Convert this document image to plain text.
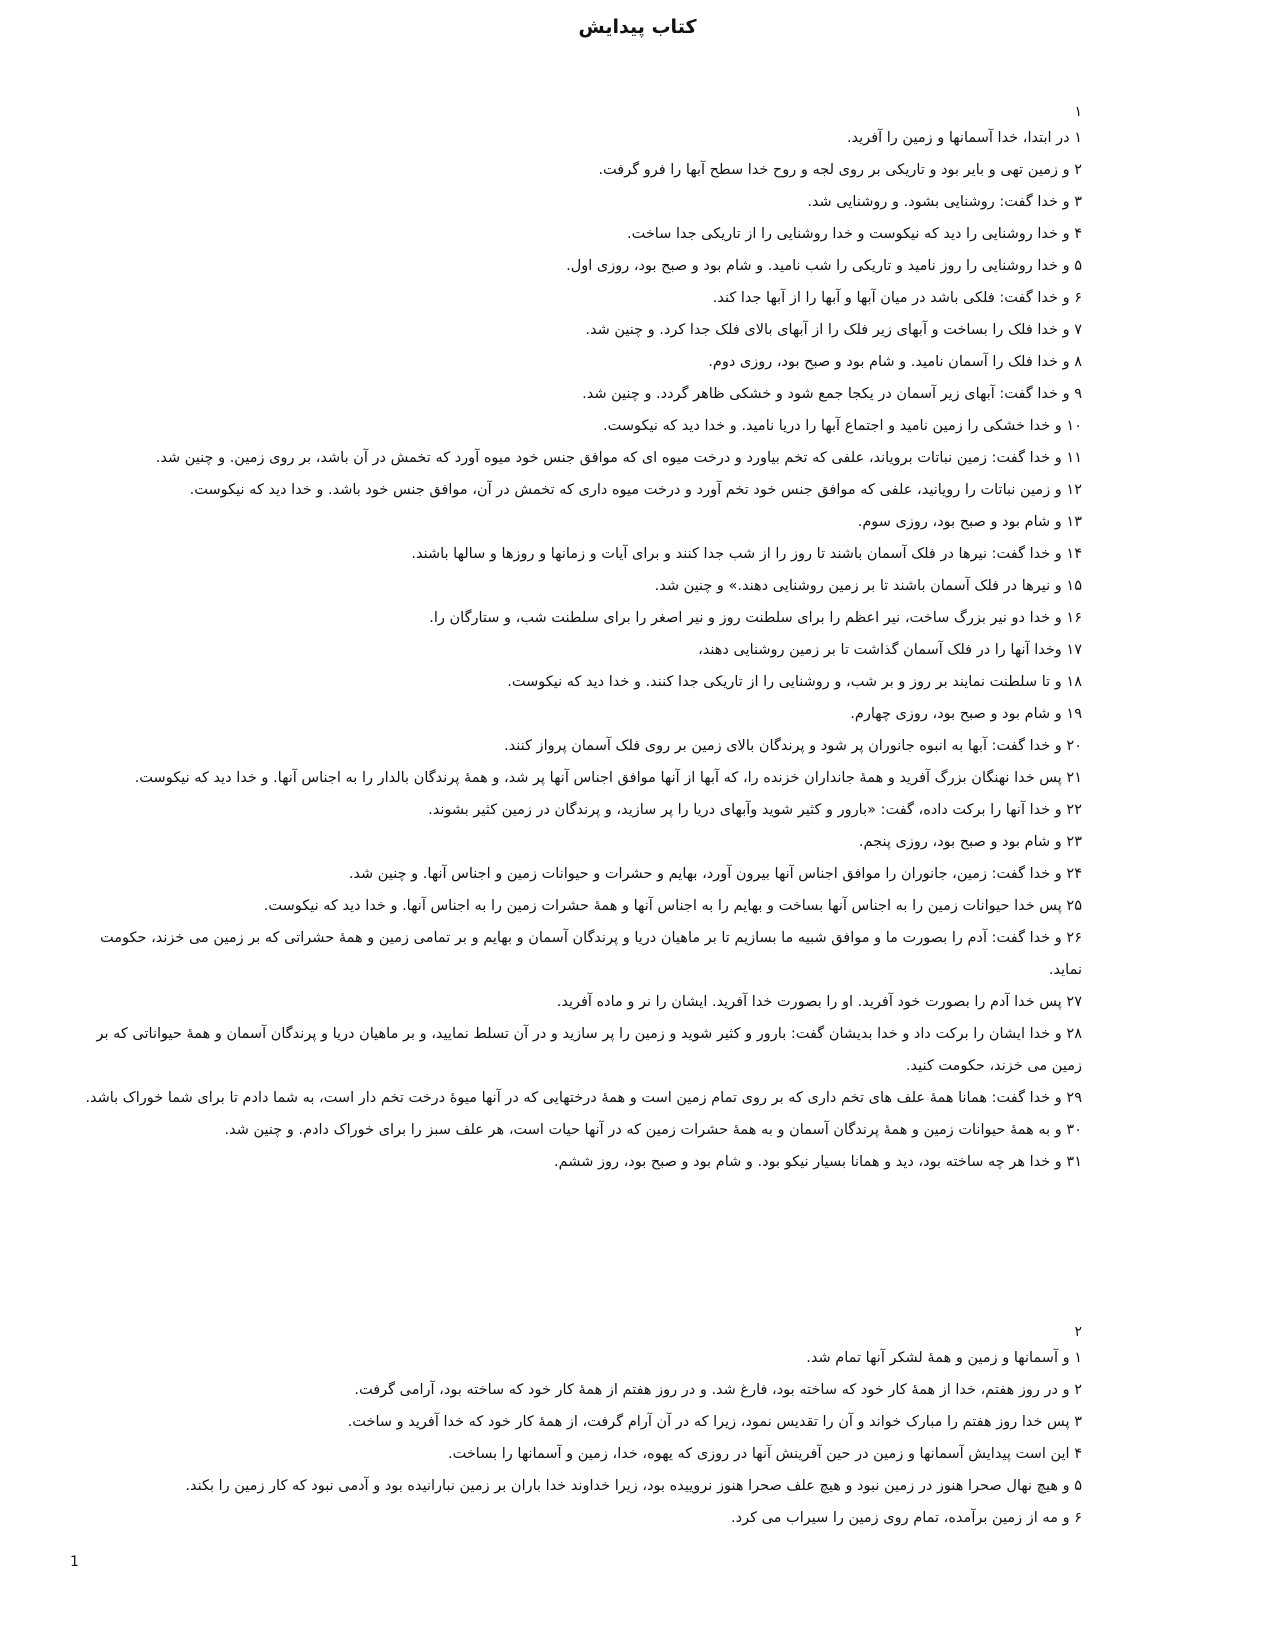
کتاب پیدایش

۱

۱ در ابتدا، خدا آسمانها و زمین را آفرید.

۲ و زمین تهی و بایر بود و تاریکی بر روی لجه و روح خدا سطح آبها را فرو گرفت.

۳ و خدا گفت: روشنایی بشود. و روشنایی شد.

۴ و خدا روشنایی را دید که نیکوست و خدا روشنایی را از تاریکی جدا ساخت.

۵ و خدا روشنایی را روز نامید و تاریکی را شب نامید. و شام بود و صبح بود، روزی اول.

۶ و خدا گفت: فلکی باشد در میان آبها و آبها را از آبها جدا کند.

۷ و خدا فلک را بساخت و آبهای زیر فلک را از آبهای بالای فلک جدا کرد. و چنین شد.

۸ و خدا فلک را آسمان نامید. و شام بود و صبح بود، روزی دوم.

۹ و خدا گفت: آبهای زیر آسمان در یکجا جمع شود و خشکی ظاهر گردد. و چنین شد.

۱۰ و خدا خشکی را زمین نامید و اجتماع آبها را دریا نامید. و خدا دید که نیکوست.

۱۱ و خدا گفت: زمین نباتات برویاند، علفی که تخم بیاورد و درخت میوه ای که موافق جنس خود میوه آورد که تخمش در آن باشد، بر روی زمین. و چنین شد.

۱۲ و زمین نباتات را رویانید، علفی که موافق جنس خود تخم آورد و درخت میوه داری که تخمش در آن، موافق جنس خود باشد. و خدا دید که نیکوست.

۱۳ و شام بود و صبح بود، روزی سوم.

۱۴ و خدا گفت: نیرها در فلک آسمان باشند تا روز را از شب جدا کنند و برای آیات و زمانها و روزها و سالها باشند.

۱۵ و نیرها در فلک آسمان باشند تا بر زمین روشنایی دهند.» و چنین شد.

۱۶ و خدا دو نیر بزرگ ساخت، نیر اعظم را برای سلطنت روز و نیر اصغر را برای سلطنت شب، و ستارگان را.

۱۷ وخدا آنها را در فلک آسمان گذاشت تا بر زمین روشنایی دهند،

۱۸ و تا سلطنت نمایند بر روز و بر شب، و روشنایی را از تاریکی جدا کنند. و خدا دید که نیکوست.

۱۹ و شام بود و صبح بود، روزی چهارم.

۲۰ و خدا گفت: آبها به انبوه جانوران پر شود و پرندگان بالای زمین بر روی فلک آسمان پرواز کنند.

۲۱ پس خدا نهنگان بزرگ آفرید و همهٔ جانداران خزنده را، که آبها از آنها موافق اجناس آنها پر شد، و همهٔ پرندگان بالدار را به اجناس آنها. و خدا دید که نیکوست.

۲۲ و خدا آنها را برکت داده، گفت: «بارور و کثیر شوید وآبهای دریا را پر سازید، و پرندگان در زمین کثیر بشوند.

۲۳ و شام بود و صبح بود، روزی پنجم.

۲۴ و خدا گفت: زمین، جانوران را موافق اجناس آنها بیرون آورد، بهایم و حشرات و حیوانات زمین و اجناس آنها. و چنین شد.

۲۵ پس خدا حیوانات زمین را به اجناس آنها بساخت و بهایم را به اجناس آنها و همهٔ حشرات زمین را به اجناس آنها. و خدا دید که نیکوست.

۲۶ و خدا گفت: آدم را بصورت ما و موافق شبیه ما بسازیم تا بر ماهیان دریا و پرندگان آسمان و بهایم و بر تمامی زمین و همهٔ حشراتی که بر زمین می خزند، حکومت نماید.

۲۷ پس خدا آدم را بصورت خود آفرید. او را بصورت خدا آفرید. ایشان را نر و ماده آفرید.

۲۸ و خدا ایشان را برکت داد و خدا بدیشان گفت: بارور و کثیر شوید و زمین را پر سازید و در آن تسلط نمایید، و بر ماهیان دریا و پرندگان آسمان و همهٔ حیواناتی که بر زمین می خزند، حکومت کنید.

۲۹ و خدا گفت: همانا همهٔ علف های تخم داری که بر روی تمام زمین است و همهٔ درختهایی که در آنها میوهٔ درخت تخم دار است، به شما دادم تا برای شما خوراک باشد.

۳۰ و به همهٔ حیوانات زمین و همهٔ پرندگان آسمان و به همهٔ حشرات زمین که در آنها حیات است، هر علف سبز را برای خوراک دادم. و چنین شد.

۳۱ و خدا هر چه ساخته بود، دید و همانا بسیار نیکو بود. و شام بود و صبح بود، روز ششم.

۲

۱ و آسمانها و زمین و همهٔ لشکر آنها تمام شد.

۲ و در روز هفتم، خدا از همهٔ کار خود که ساخته بود، فارغ شد. و در روز هفتم از همهٔ کار خود که ساخته بود، آرامی گرفت.

۳ پس خدا روز هفتم را مبارک خواند و آن را تقدیس نمود، زیرا که در آن آرام گرفت، از همهٔ کار خود که خدا آفرید و ساخت.

۴ این است پیدایش آسمانها و زمین در حین آفرینش آنها در روزی که یهوه، خدا، زمین و آسمانها را بساخت.

۵ و هیچ نهال صحرا هنوز در زمین نبود و هیچ علف صحرا هنوز نروییده بود، زیرا خداوند خدا باران بر زمین نبارانیده بود و آدمی نبود که کار زمین را بکند.

۶ و مه از زمین برآمده، تمام روی زمین را سیراب می کرد.

1
